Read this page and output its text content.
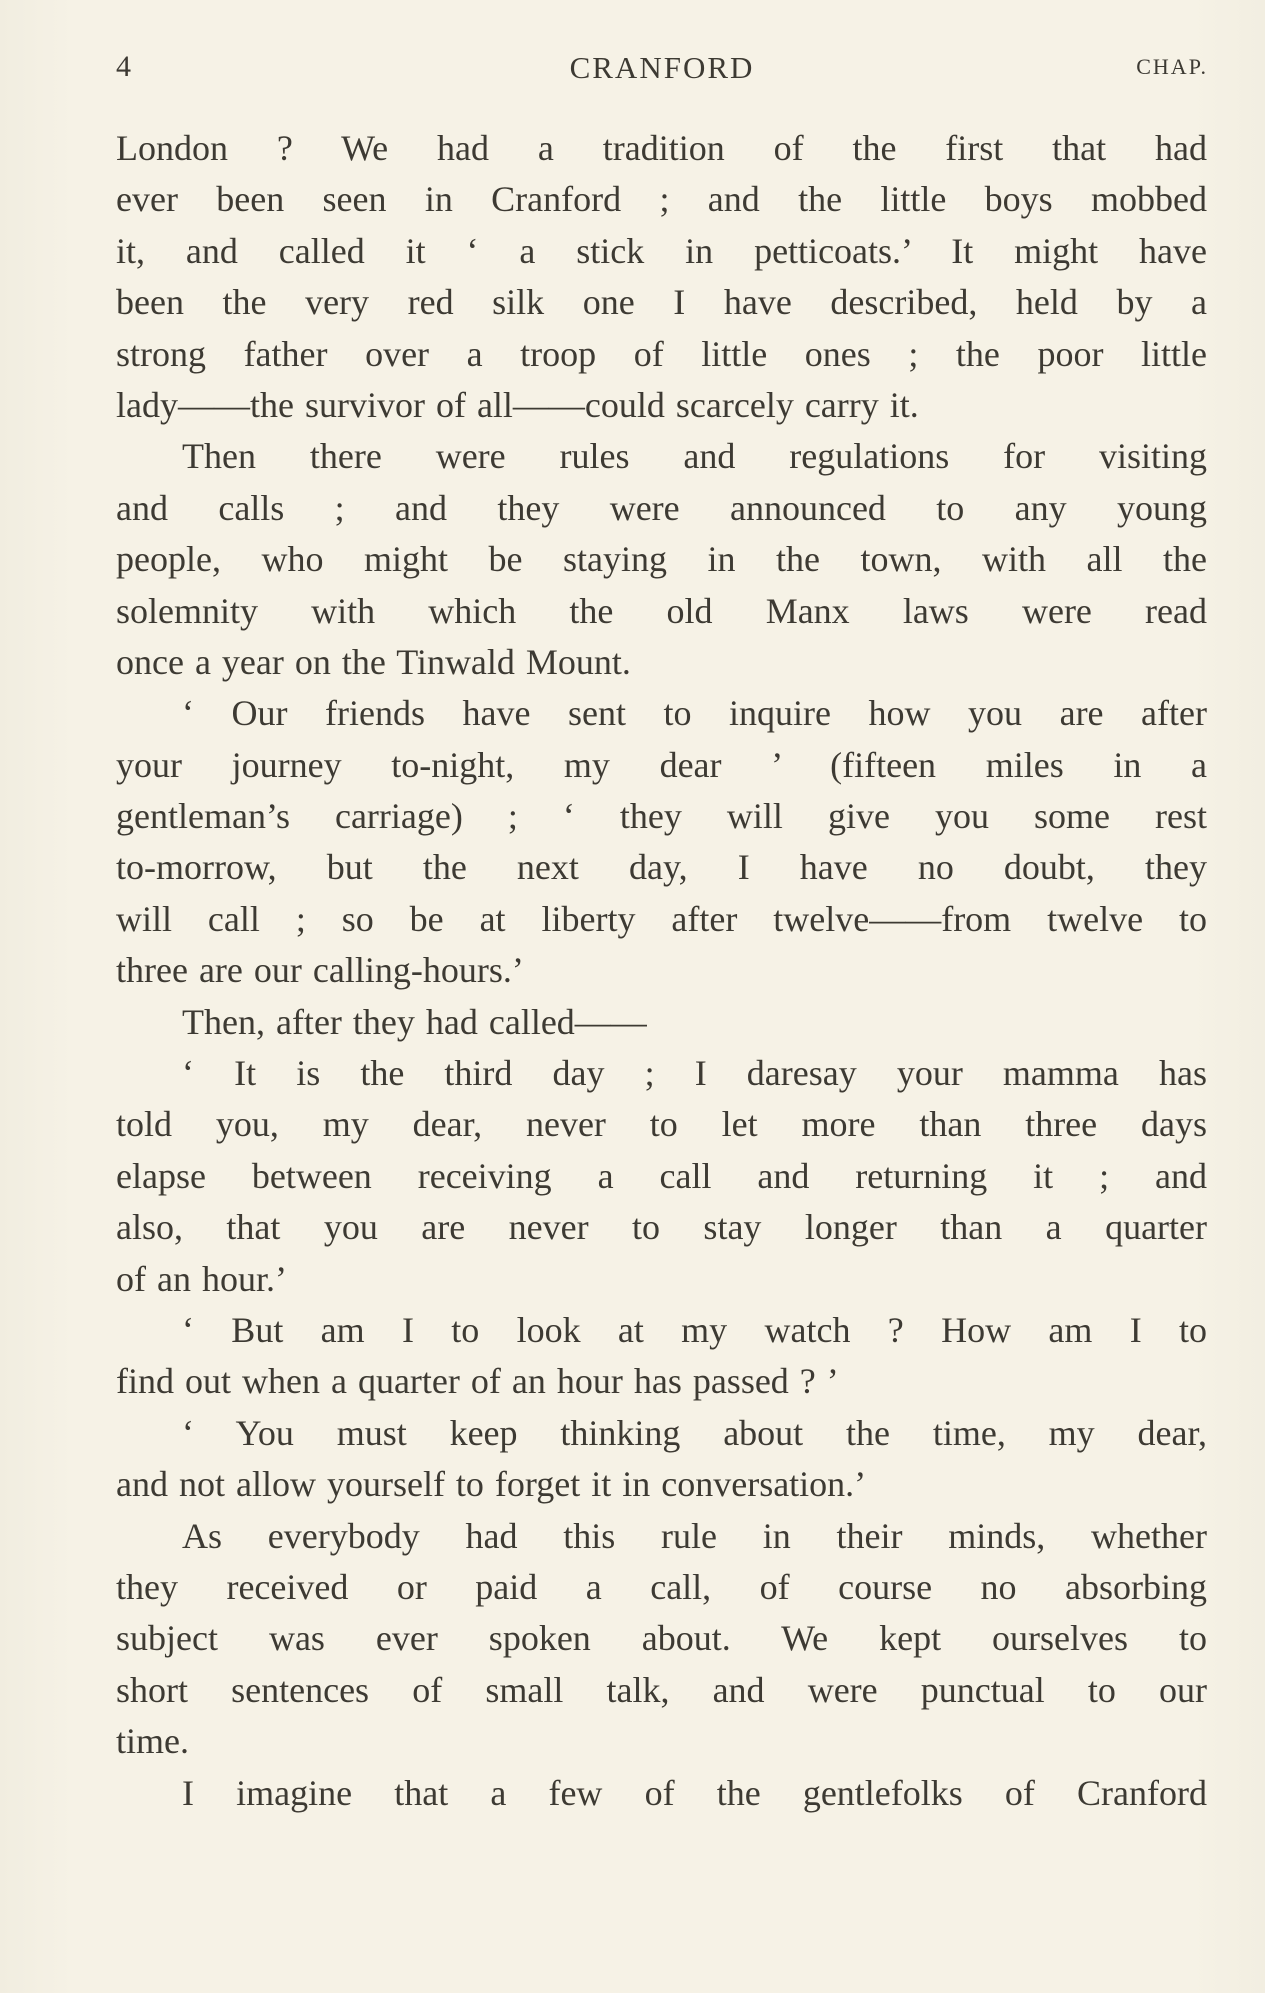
4	CRANFORD	CHAP.
London ? We had a tradition of the first that had
ever been seen in Cranford ; and the little boys mobbed
it, and called it ‘ a stick in petticoats.’ It might have
been the very red silk one I have described, held by a
strong father over a troop of little ones ; the poor little
lady——the survivor of all——could scarcely carry it.
Then there were rules and regulations for visiting
and calls ; and they were announced to any young
people, who might be staying in the town, with all the
solemnity with which the old Manx laws were read
once a year on the Tinwald Mount.
‘ Our friends have sent to inquire how you are after
your journey to-night, my dear ’ (fifteen miles in a
gentleman’s carriage) ; ‘ they will give you some rest
to-morrow, but the next day, I have no doubt, they
will call ; so be at liberty after twelve——from twelve to
three are our calling-hours.’
Then, after they had called——
‘ It is the third day ; I daresay your mamma has
told you, my dear, never to let more than three days
elapse between receiving a call and returning it ; and
also, that you are never to stay longer than a quarter
of an hour.’
‘ But am I to look at my watch ? How am I to
find out when a quarter of an hour has passed ? ’
‘ You must keep thinking about the time, my dear,
and not allow yourself to forget it in conversation.’
As everybody had this rule in their minds, whether
they received or paid a call, of course no absorbing
subject was ever spoken about. We kept ourselves to
short sentences of small talk, and were punctual to our
time.
I imagine that a few of the gentlefolks of Cranford
